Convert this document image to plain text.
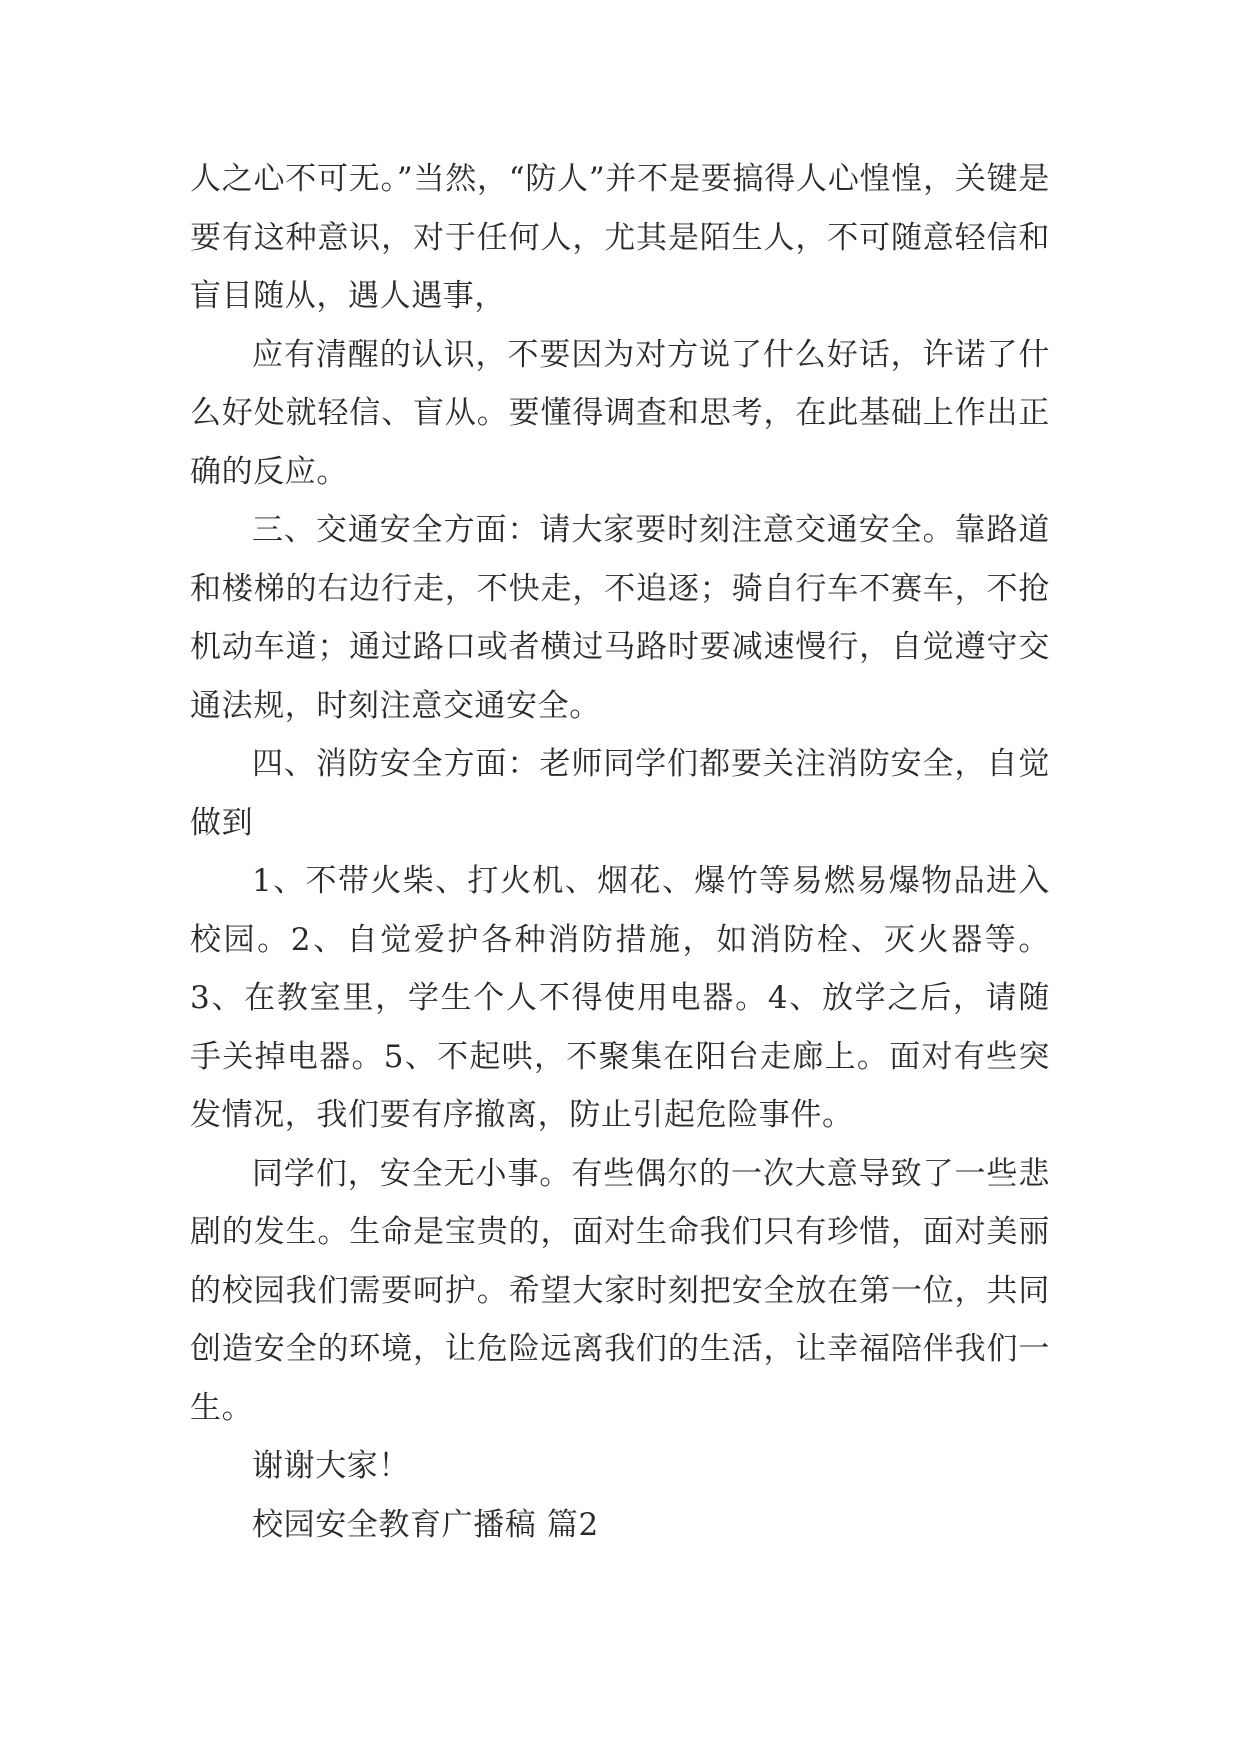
人之心不可无。”当然，“防人”并不是要搞得人心惶惶，关键是要有这种意识，对于任何人，尤其是陌生人，不可随意轻信和盲目随从，遇人遇事，

应有清醒的认识，不要因为对方说了什么好话，许诺了什么好处就轻信、盲从。要懂得调查和思考，在此基础上作出正确的反应。

三、交通安全方面：请大家要时刻注意交通安全。靠路道和楼梯的右边行走，不快走，不追逐；骑自行车不赛车，不抢机动车道；通过路口或者横过马路时要减速慢行，自觉遵守交通法规，时刻注意交通安全。

四、消防安全方面：老师同学们都要关注消防安全，自觉做到

1、不带火柴、打火机、烟花、爆竹等易燃易爆物品进入校园。2、自觉爱护各种消防措施，如消防栓、灭火器等。3、在教室里，学生个人不得使用电器。4、放学之后，请随手关掉电器。5、不起哄，不聚集在阳台走廊上。面对有些突发情况，我们要有序撤离，防止引起危险事件。

同学们，安全无小事。有些偶尔的一次大意导致了一些悲剧的发生。生命是宝贵的，面对生命我们只有珍惜，面对美丽的校园我们需要呵护。希望大家时刻把安全放在第一位，共同创造安全的环境，让危险远离我们的生活，让幸福陪伴我们一生。

谢谢大家！

校园安全教育广播稿 篇2
